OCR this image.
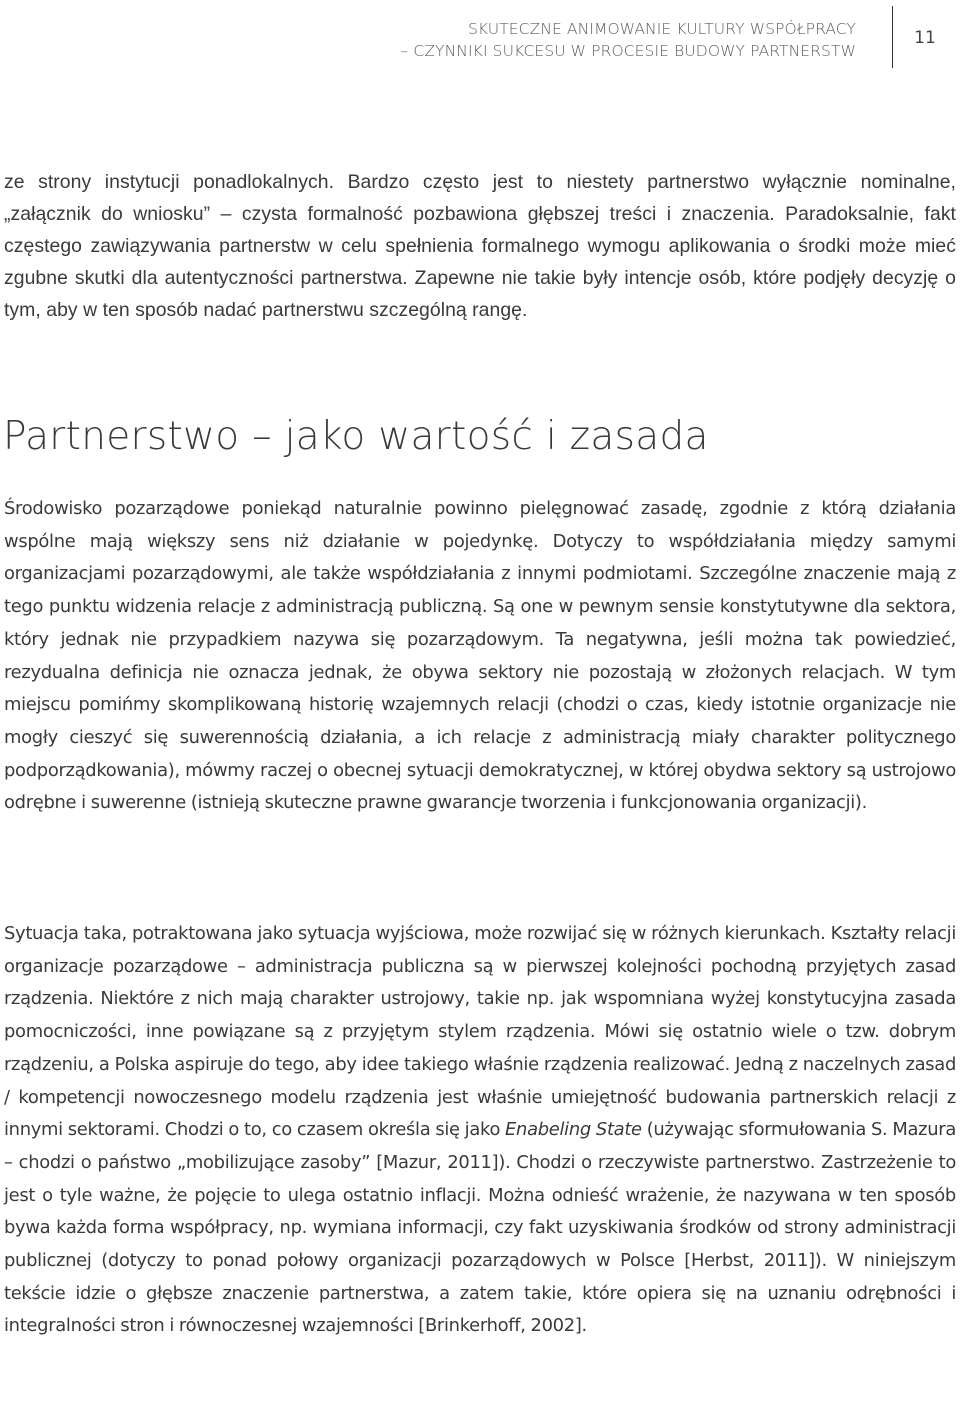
SKUTECZNE ANIMOWANIE KULTURY WSPÓŁPRACY
– CZYNNIKI SUKCESU W PROCESIE BUDOWY PARTNERSTW
11

ze strony instytucji ponadlokalnych. Bardzo często jest to niestety partnerstwo wyłącznie nominalne, „załącznik do wniosku” – czysta formalność pozbawiona głębszej treści i znaczenia. Paradoksalnie, fakt częstego zawiązywania partnerstw w celu spełnienia formalnego wymogu aplikowania o środki może mieć zgubne skutki dla autentyczności partnerstwa. Zapewne nie takie były intencje osób, które podjęły decyzję o tym, aby w ten sposób nadać partnerstwu szczególną rangę.

Partnerstwo – jako wartość i zasada

Środowisko pozarządowe poniekąd naturalnie powinno pielęgnować zasadę, zgodnie z którą działania wspólne mają większy sens niż działanie w pojedynkę. Dotyczy to współdziałania między samymi organizacjami pozarządowymi, ale także współdziałania z innymi podmiotami. Szczególne znaczenie mają z tego punktu widzenia relacje z administracją publiczną. Są one w pewnym sensie konstytutywne dla sektora, który jednak nie przypadkiem nazywa się pozarządowym. Ta negatywna, jeśli można tak powiedzieć, rezydualna definicja nie oznacza jednak, że obywa sektory nie pozostają w złożonych relacjach. W tym miejscu pomińmy skomplikowaną historię wzajemnych relacji (chodzi o czas, kiedy istotnie organizacje nie mogły cieszyć się suwerennością działania, a ich relacje z administracją miały charakter politycznego podporządkowania), mówmy raczej o obecnej sytuacji demokratycznej, w której obydwa sektory są ustrojowo odrębne i suwerenne (istnieją skuteczne prawne gwarancje tworzenia i funkcjonowania organizacji).

Sytuacja taka, potraktowana jako sytuacja wyjściowa, może rozwijać się w różnych kierunkach. Kształty relacji organizacje pozarządowe – administracja publiczna są w pierwszej kolejności pochodną przyjętych zasad rządzenia. Niektóre z nich mają charakter ustrojowy, takie np. jak wspomniana wyżej konstytucyjna zasada pomocniczości, inne powiązane są z przyjętym stylem rządzenia. Mówi się ostatnio wiele o tzw. dobrym rządzeniu, a Polska aspiruje do tego, aby idee takiego właśnie rządzenia realizować. Jedną z naczelnych zasad / kompetencji nowoczesnego modelu rządzenia jest właśnie umiejętność budowania partnerskich relacji z innymi sektorami. Chodzi o to, co czasem określa się jako Enabeling State (używając sformułowania S. Mazura – chodzi o państwo „mobilizujące zasoby” [Mazur, 2011]). Chodzi o rzeczywiste partnerstwo. Zastrzeżenie to jest o tyle ważne, że pojęcie to ulega ostatnio inflacji. Można odnieść wrażenie, że nazywana w ten sposób bywa każda forma współpracy, np. wymiana informacji, czy fakt uzyskiwania środków od strony administracji publicznej (dotyczy to ponad połowy organizacji pozarządowych w Polsce [Herbst, 2011]). W niniejszym tekście idzie o głębsze znaczenie partnerstwa, a zatem takie, które opiera się na uznaniu odrębności i integralności stron i równoczesnej wzajemności [Brinkerhoff, 2002].
